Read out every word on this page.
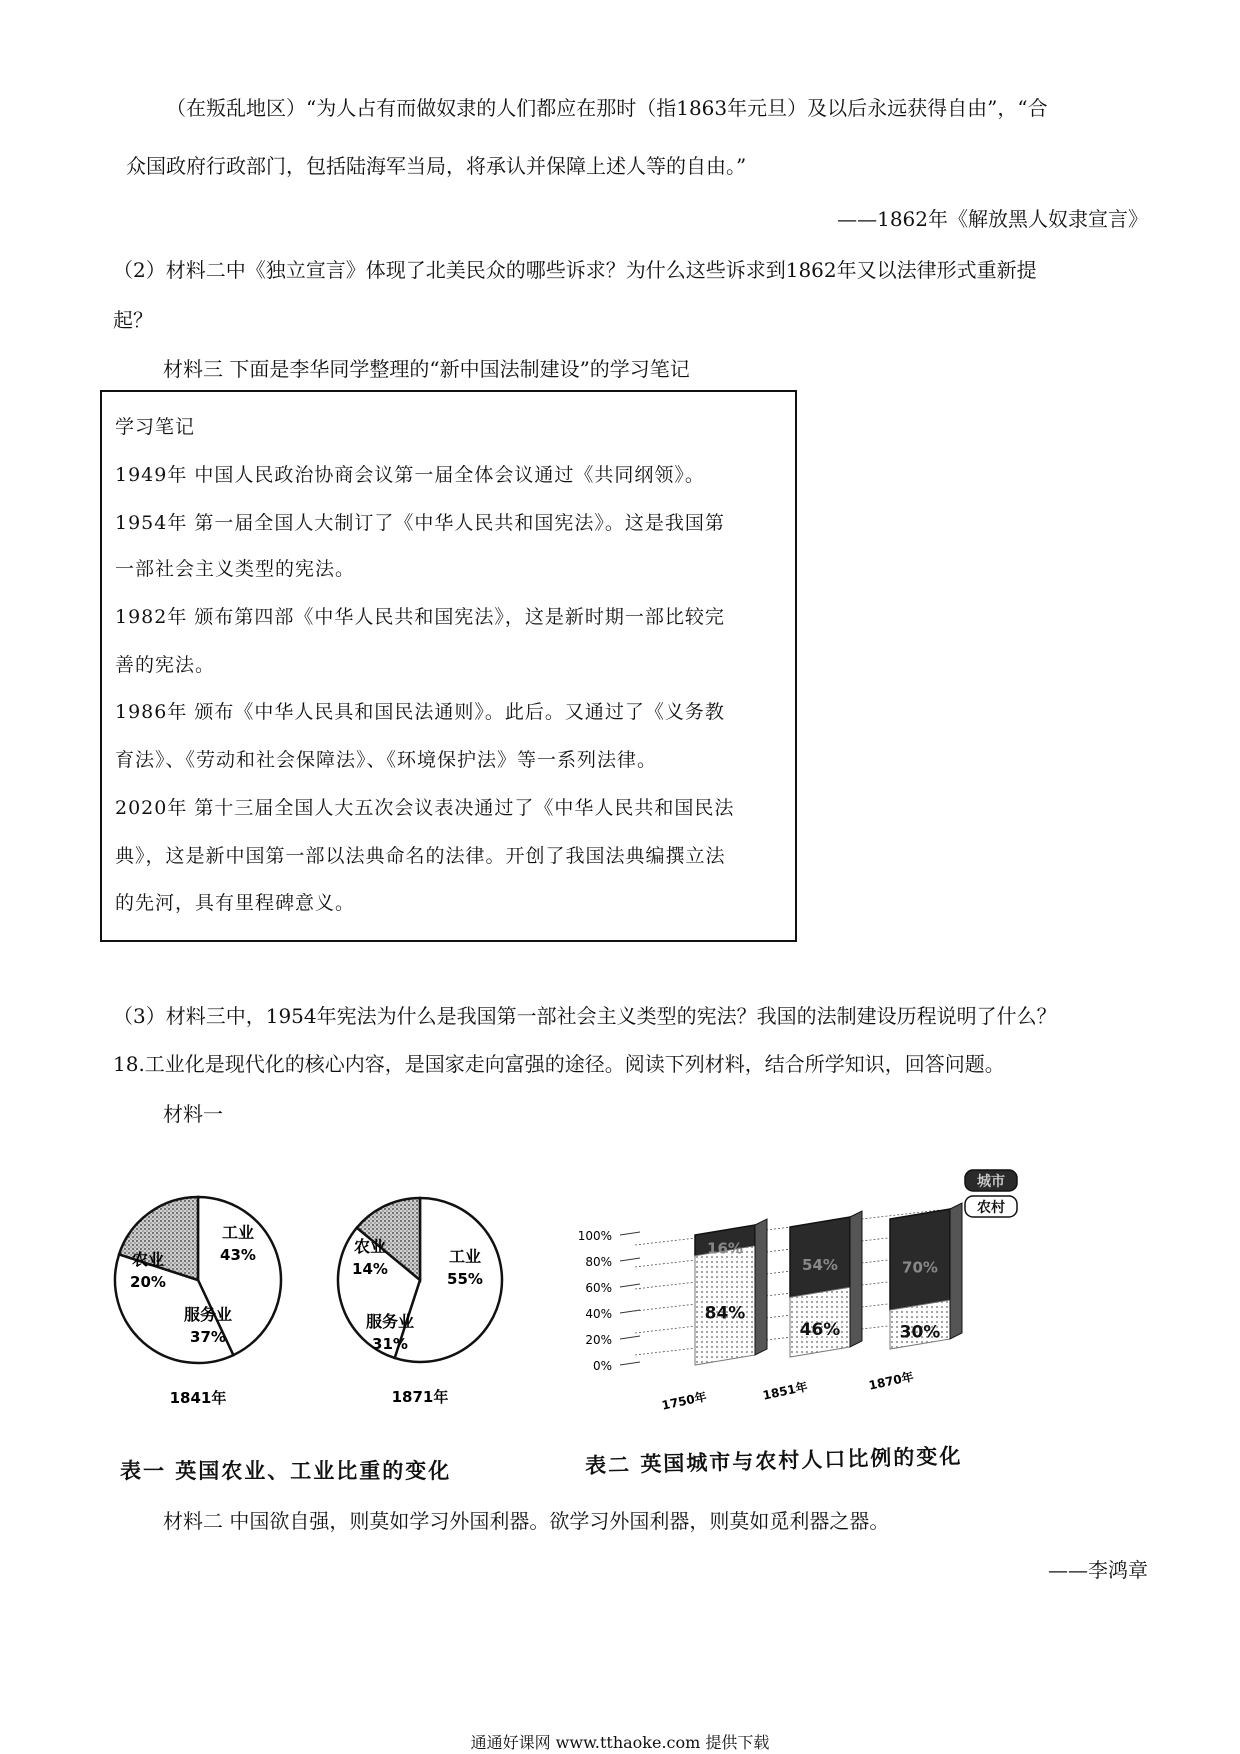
（在叛乱地区）“为人占有而做奴隶的人们都应在那时（指1863年元旦）及以后永远获得自由”，“合
众国政府行政部门，包括陆海军当局，将承认并保障上述人等的自由。”
——1862年《解放黑人奴隶宣言》
（2）材料二中《独立宣言》体现了北美民众的哪些诉求？为什么这些诉求到1862年又以法律形式重新提
起？
材料三 下面是李华同学整理的“新中国法制建设”的学习笔记
学习笔记
1949年 中国人民政治协商会议第一届全体会议通过《共同纲领》。
1954年 第一届全国人大制订了《中华人民共和国宪法》。这是我国第
一部社会主义类型的宪法。
1982年 颁布第四部《中华人民共和国宪法》，这是新时期一部比较完
善的宪法。
1986年 颁布《中华人民具和国民法通则》。此后。又通过了《义务教
育法》、《劳动和社会保障法》、《环境保护法》等一系列法律。
2020年 第十三届全国人大五次会议表决通过了《中华人民共和国民法
典》，这是新中国第一部以法典命名的法律。开创了我国法典编撰立法
的先河，具有里程碑意义。
（3）材料三中，1954年宪法为什么是我国第一部社会主义类型的宪法？我国的法制建设历程说明了什么？
18.工业化是现代化的核心内容，是国家走向富强的途径。阅读下列材料，结合所学知识，回答问题。
材料一
农业
20%
工业
43%
服务业
37%
1841年
农业
14%
工业
55%
服务业
31%
1871年
0%
20%
40%
60%
80%
100%
16%
84%
1750年
54%
46%
1851年
70%
30%
1870年
城市
农村
表一 英国农业、工业比重的变化	表二 英国城市与农村人口比例的变化
材料二 中国欲自强，则莫如学习外国利器。欲学习外国利器，则莫如觅利器之器。
——李鸿章
通通好课网 www.tthaoke.com 提供下载
